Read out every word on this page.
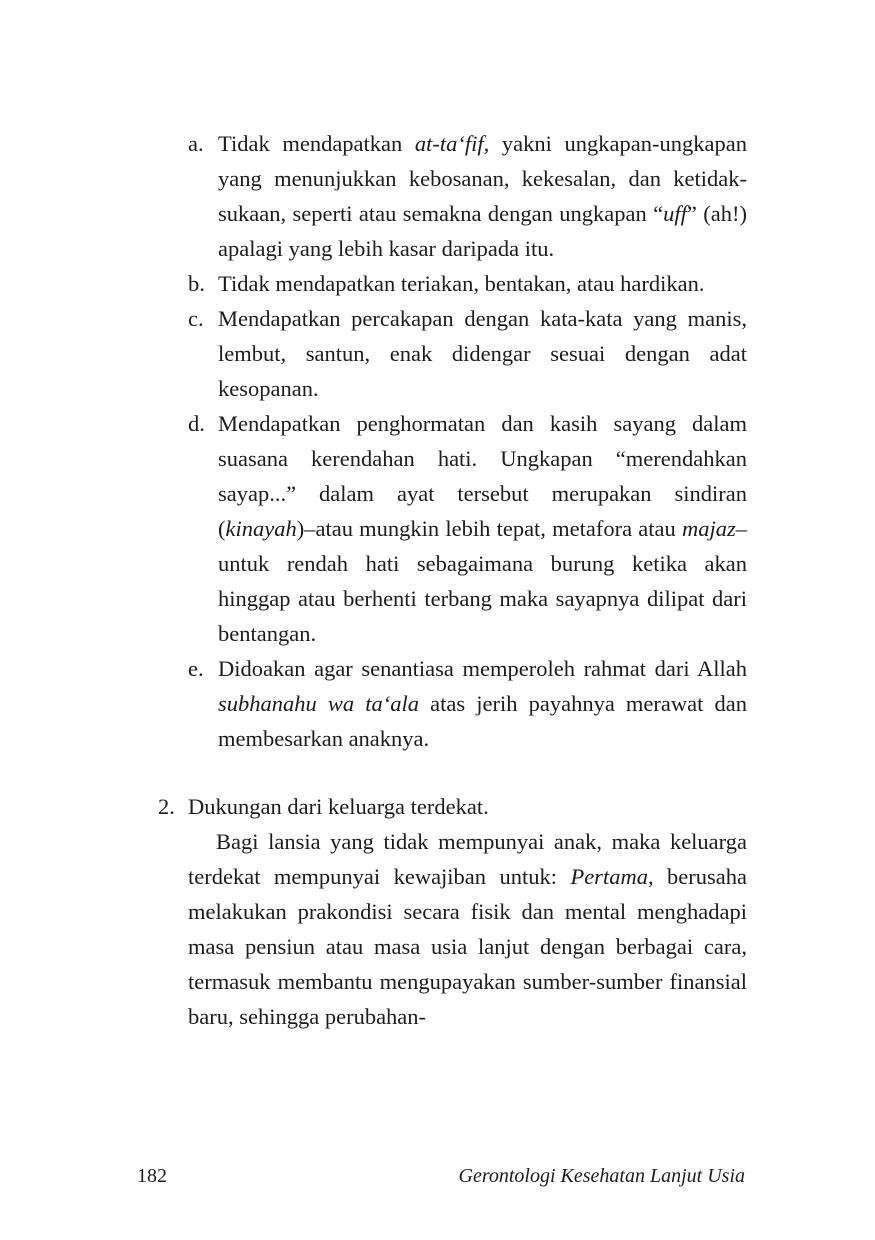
a. Tidak mendapatkan at-ta‘fif, yakni ungkapan-ungkapan yang menunjukkan kebosanan, kekesalan, dan ketidak-sukaan, seperti atau semakna dengan ungkapan “uff” (ah!) apalagi yang lebih kasar daripada itu.
b. Tidak mendapatkan teriakan, bentakan, atau hardikan.
c. Mendapatkan percakapan dengan kata-kata yang manis, lembut, santun, enak didengar sesuai dengan adat kesopanan.
d. Mendapatkan penghormatan dan kasih sayang dalam suasana kerendahan hati. Ungkapan “merendahkan sayap...” dalam ayat tersebut merupakan sindiran (kinayah)–atau mungkin lebih tepat, metafora atau majaz– untuk rendah hati sebagaimana burung ketika akan hinggap atau berhenti terbang maka sayapnya dilipat dari bentangan.
e. Didoakan agar senantiasa memperoleh rahmat dari Allah subhanahu wa ta‘ala atas jerih payahnya merawat dan membesarkan anaknya.
2. Dukungan dari keluarga terdekat.

Bagi lansia yang tidak mempunyai anak, maka keluarga terdekat mempunyai kewajiban untuk: Pertama, berusaha melakukan prakondisi secara fisik dan mental menghadapi masa pensiun atau masa usia lanjut dengan berbagai cara, termasuk membantu mengupayakan sumber-sumber finansial baru, sehingga perubahan-

182	Gerontologi Kesehatan Lanjut Usia
